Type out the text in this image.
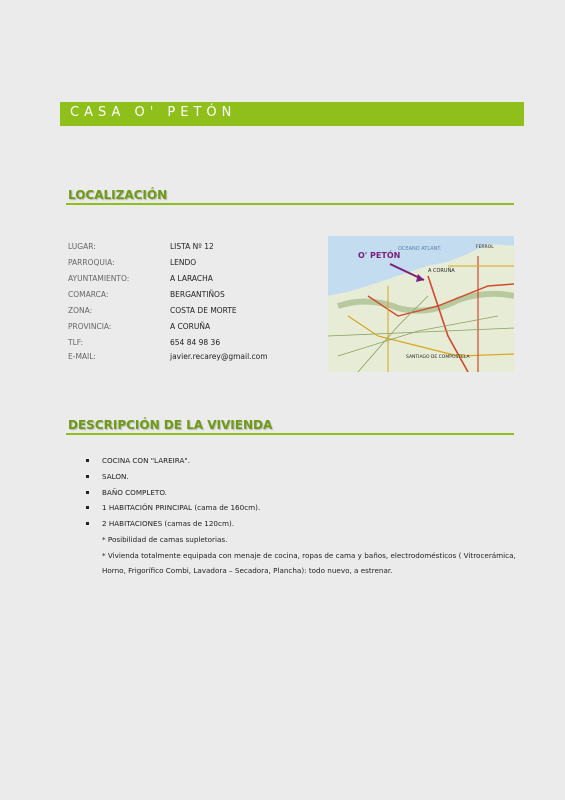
CASA O' PETÓN
LOCALIZACIÓN
LUGAR:	LISTA Nº 12
PARROQUIA:	LENDO
AYUNTAMIENTO:	A LARACHA
COMARCA:	BERGANTIÑOS
ZONA:	COSTA DE MORTE
PROVINCIA:	A CORUÑA
TLF:	654 84 98 36
E-MAIL:	javier.recarey@gmail.com
O' PETÓN
A CORUÑA
OCEANO ATLANT.	FERROL
SANTIAGO DE COMPOSTELA
DESCRIPCIÓN DE LA VIVIENDA
COCINA CON "LAREIRA".
SALON.
BAÑO COMPLETO.
1 HABITACIÓN PRINCIPAL (cama de 160cm).
2 HABITACIONES (camas de 120cm).
* Posibilidad de camas supletorias.
* Vivienda totalmente equipada con menaje de cocina, ropas de cama y baños, electrodomésticos ( Vitrocerámica, Horno, Frigorífico Combi, Lavadora – Secadora, Plancha): todo nuevo, a estrenar.
